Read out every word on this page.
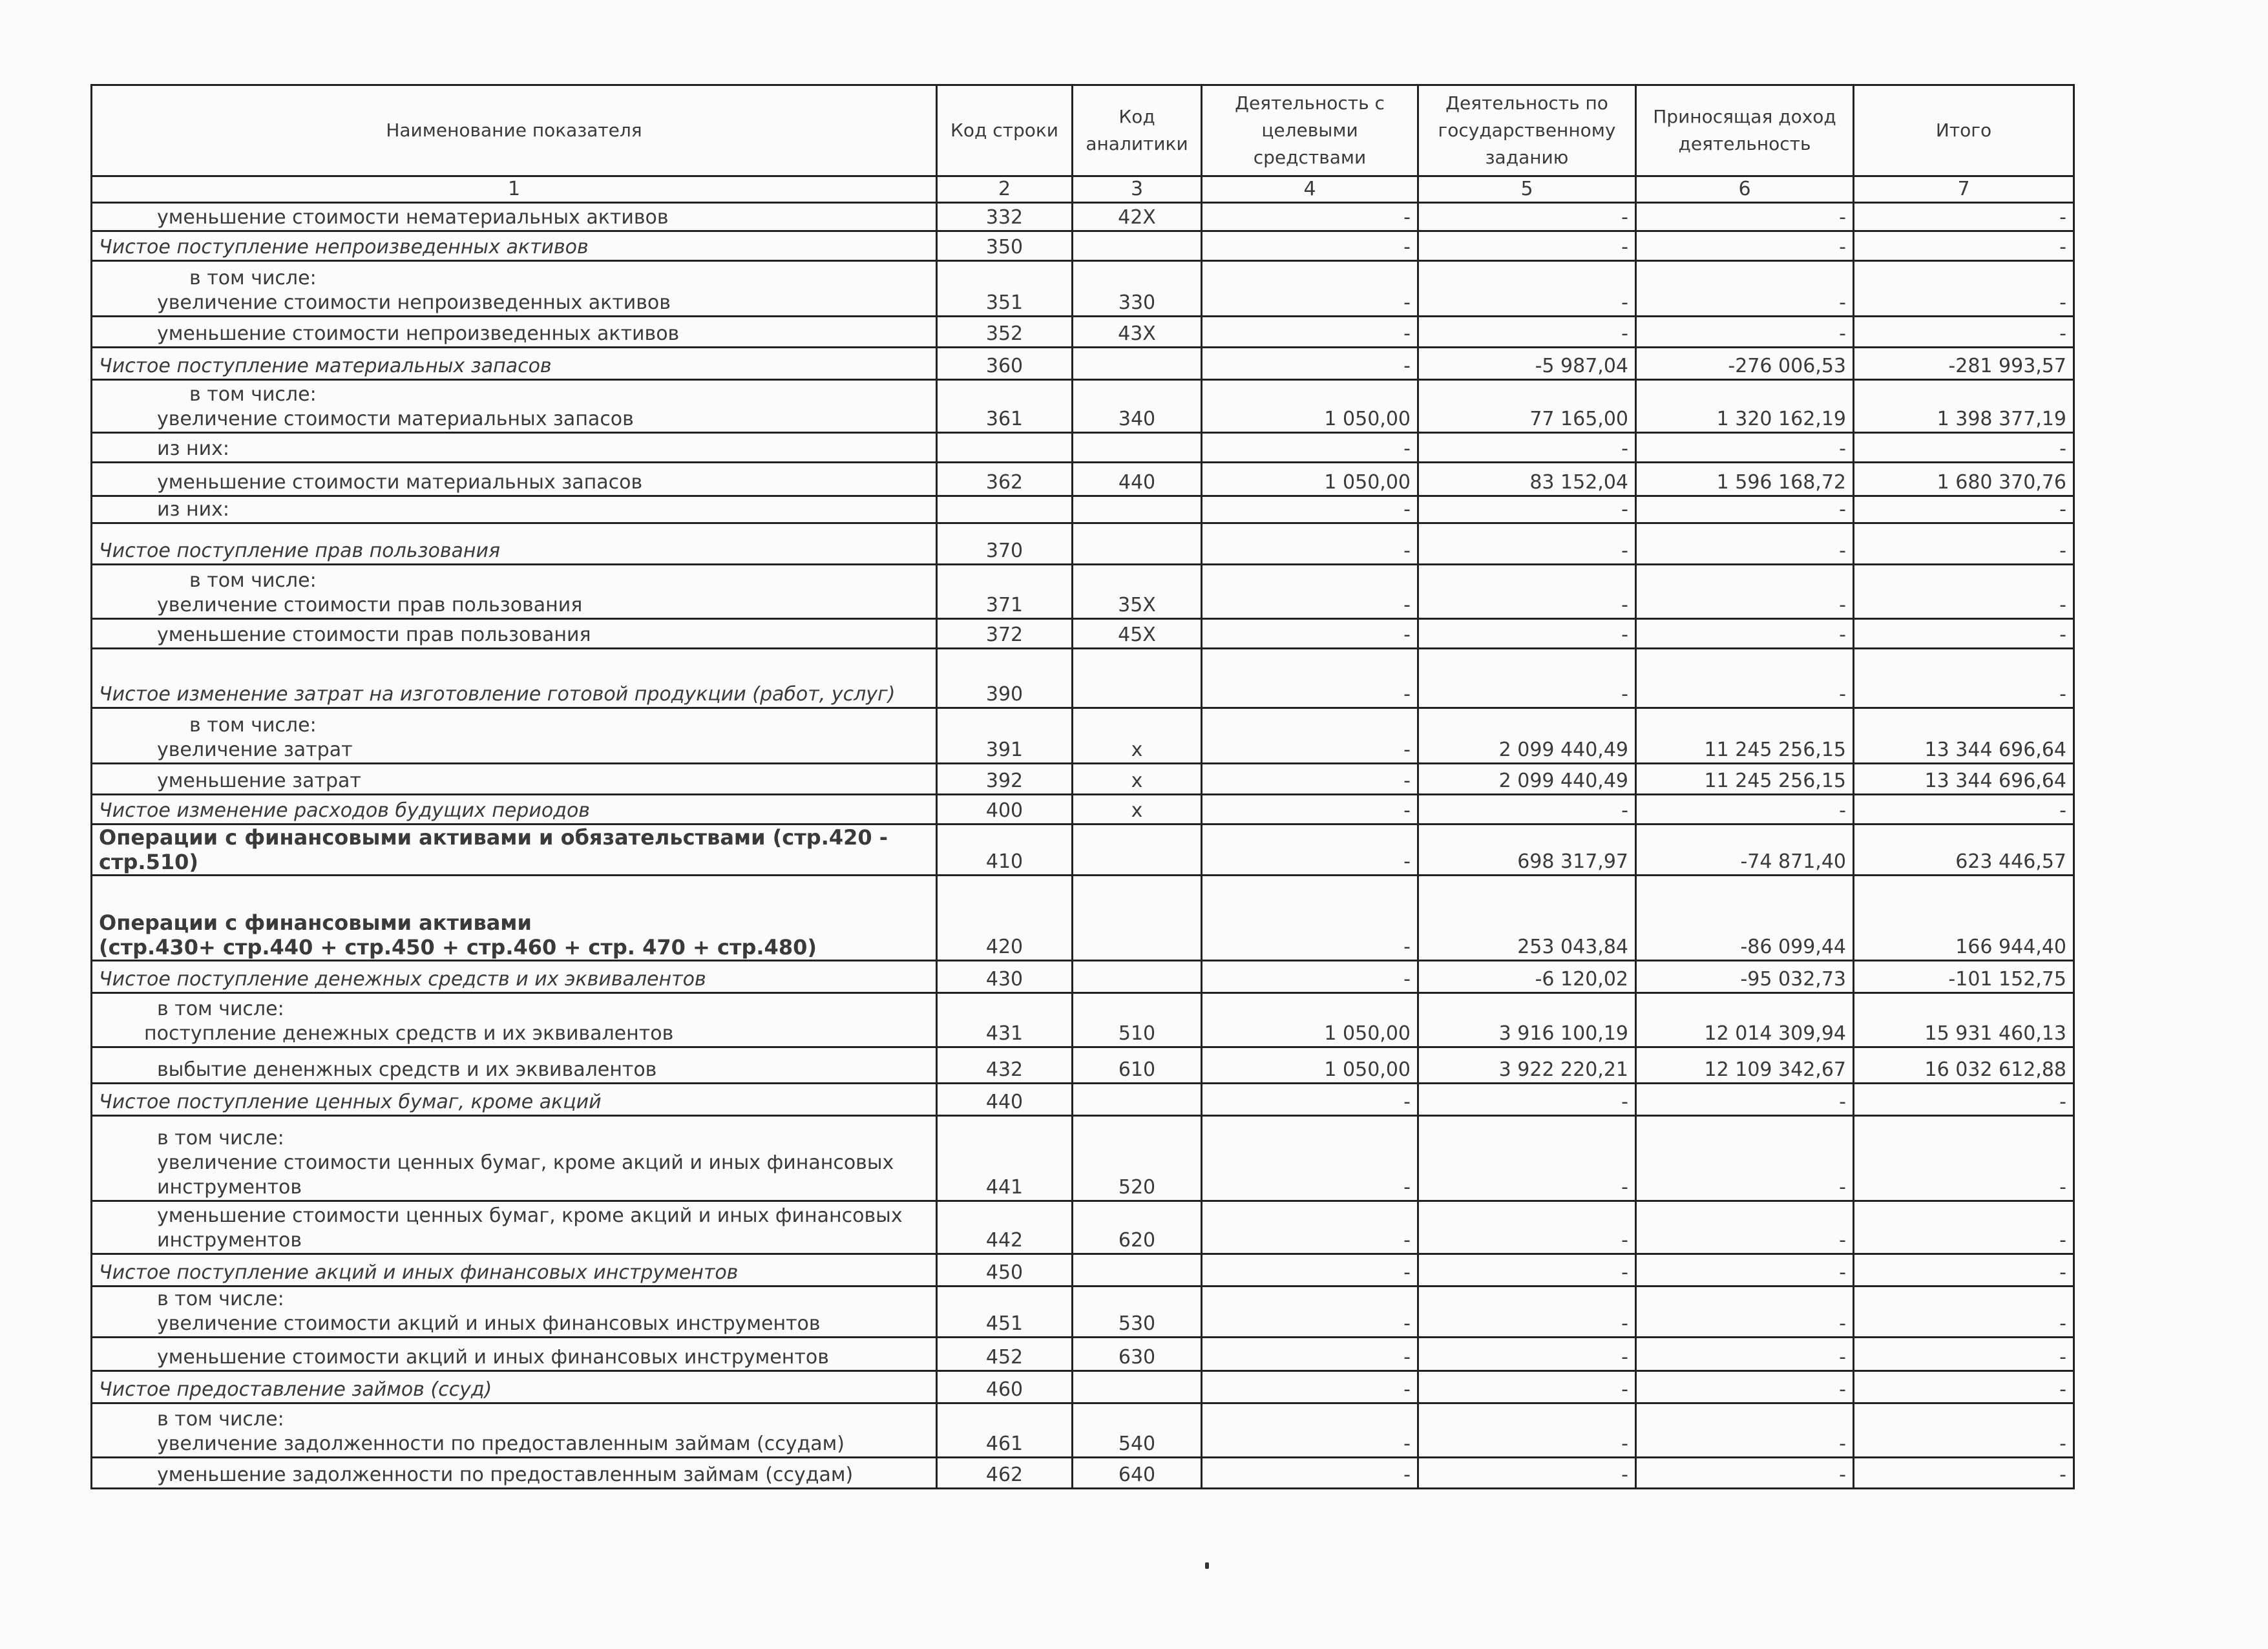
Наименование показателя	Код строки	Код аналитики	Деятельность с целевыми средствами	Деятельность по государственному заданию	Приносящая доход деятельность	Итого
1	2	3	4	5	6	7

уменьшение стоимости нематериальных активов	332	42X	-	-	-	-

Чистое поступление непроизведенных активов	350		-	-	-	-

в том числе:
увеличение стоимости непроизведенных активов	351	330	-	-	-	-

уменьшение стоимости непроизведенных активов	352	43X	-	-	-	-

Чистое поступление материальных запасов	360		-	-5 987,04	-276 006,53	-281 993,57

в том числе:
увеличение стоимости материальных запасов	361	340	1 050,00	77 165,00	1 320 162,19	1 398 377,19

из них:			-	-	-	-

уменьшение стоимости материальных запасов	362	440	1 050,00	83 152,04	1 596 168,72	1 680 370,76

из них:			-	-	-	-

Чистое поступление прав пользования	370		-	-	-	-

в том числе:
увеличение стоимости прав пользования	371	35X	-	-	-	-

уменьшение стоимости прав пользования	372	45X	-	-	-	-

Чистое изменение затрат на изготовление готовой продукции (работ, услуг)	390		-	-	-	-

в том числе:
увеличение затрат	391	x	-	2 099 440,49	11 245 256,15	13 344 696,64

уменьшение затрат	392	x	-	2 099 440,49	11 245 256,15	13 344 696,64

Чистое изменение расходов будущих периодов	400	x	-	-	-	-

Операции с финансовыми активами и обязательствами (стр.420 - стр.510)	410		-	698 317,97	-74 871,40	623 446,57

Операции с финансовыми активами
(стр.430+ стр.440 + стр.450 + стр.460 + стр. 470 + стр.480)	420		-	253 043,84	-86 099,44	166 944,40

Чистое поступление денежных средств и их эквивалентов	430		-	-6 120,02	-95 032,73	-101 152,75

в том числе:
поступление денежных средств и их эквивалентов	431	510	1 050,00	3 916 100,19	12 014 309,94	15 931 460,13

выбытие дененжных средств и их эквивалентов	432	610	1 050,00	3 922 220,21	12 109 342,67	16 032 612,88

Чистое поступление ценных бумаг, кроме акций	440		-	-	-	-

в том числе:
увеличение стоимости ценных бумаг, кроме акций и иных финансовых инструментов	441	520	-	-	-	-

уменьшение стоимости ценных бумаг, кроме акций и иных финансовых инструментов	442	620	-	-	-	-

Чистое поступление акций и иных финансовых инструментов	450		-	-	-	-

в том числе:
увеличение стоимости акций и иных финансовых инструментов	451	530	-	-	-	-

уменьшение стоимости акций и иных финансовых инструментов	452	630	-	-	-	-

Чистое предоставление займов (ссуд)	460		-	-	-	-

в том числе:
увеличение задолженности по предоставленным займам (ссудам)	461	540	-	-	-	-

уменьшение задолженности по предоставленным займам (ссудам)	462	640	-	-	-	-
